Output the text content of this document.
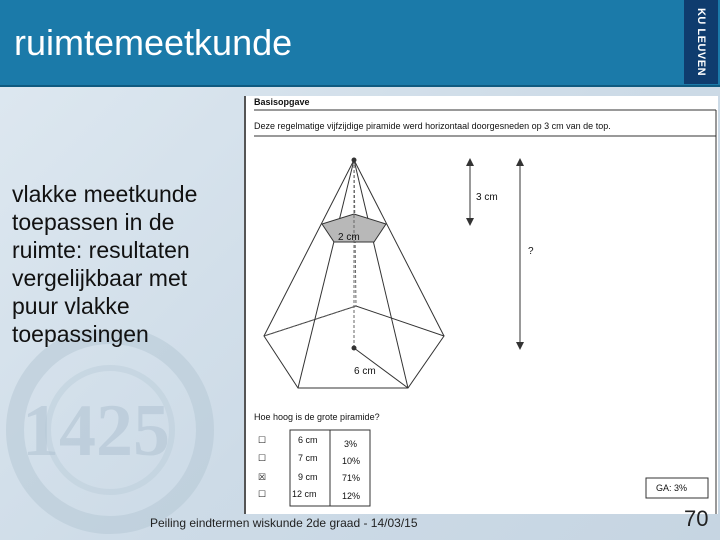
ruimtemeetkunde	KU LEUVEN
1425
vlakke meetkunde
toepassen in de
ruimte: resultaten
vergelijkbaar met
puur vlakke
toepassingen
Basisopgave
Deze regelmatige vijfzijdige piramide werd horizontaal doorgesneden op 3 cm van de top.
3 cm
2 cm
?
6 cm
Hoe hoog is de grote piramide?
☐	6 cm	3%
☐	7 cm	10%
☒	9 cm	71%
☐	12 cm	12%
GA: 3%
Peiling eindtermen wiskunde 2de graad - 14/03/15	70
